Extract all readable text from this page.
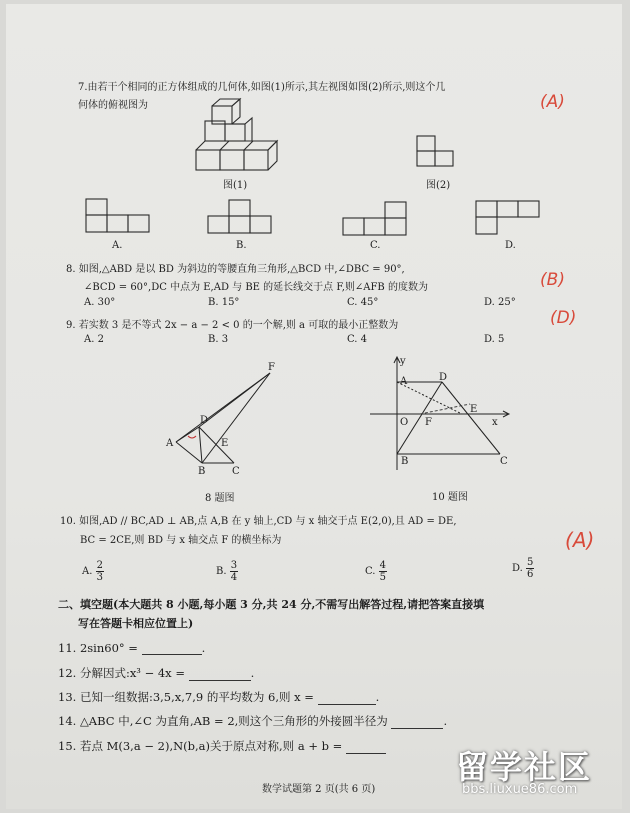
7.由若干个相同的正方体组成的几何体,如图(1)所示,其左视图如图(2)所示,则这个几
何体的俯视图为	(A)
图(1)	图(2)
A.	B.	C.	D.
8. 如图,△ABD 是以 BD 为斜边的等腰直角三角形,△BCD 中,∠DBC = 90°,
∠BCD = 60°,DC 中点为 E,AD 与 BE 的延长线交于点 F,则∠AFB 的度数为	(B)
A. 30°	B. 15°	C. 45°	D. 25°
9. 若实数 3 是不等式 2x − a − 2 < 0 的一个解,则 a 可取的最小正整数为	(D)
A. 2	B. 3	C. 4	D. 5
F
D
A	E
B	C
8 题图
y
A	D
O F
E
x
B	C
10 题图
10. 如图,AD // BC,AD ⊥ AB,点 A,B 在 y 轴上,CD 与 x 轴交于点 E(2,0),且 AD = DE,
BC = 2CE,则 BD 与 x 轴交点 F 的横坐标为	(A)
A. $\frac{2}{3}$	B. $\frac{3}{4}$	C. $\frac{4}{5}$	D. $\frac{5}{6}$
二、填空题(本大题共 8 小题,每小题 3 分,共 24 分,不需写出解答过程,请把答案直接填
写在答题卡相应位置上)
11. 2sin60° =	.
12. 分解因式:x³ − 4x =	.
13. 已知一组数据:3,5,x,7,9 的平均数为 6,则 x =	.
14. △ABC 中,∠C 为直角,AB = 2,则这个三角形的外接圆半径为	.
15. 若点 M(3,a − 2),N(b,a)关于原点对称,则 a + b =
数学试题第 2 页(共 6 页)
留学社区
bbs.liuxue86.com
